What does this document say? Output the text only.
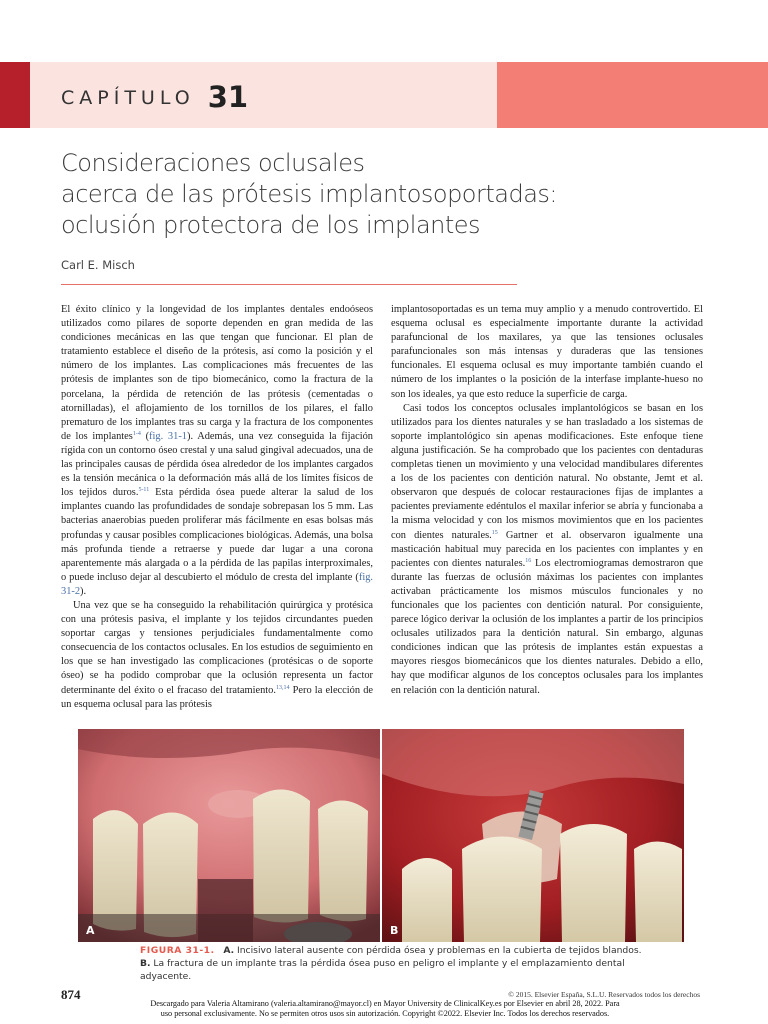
CAPÍTULO 31
Consideraciones oclusales
acerca de las prótesis implantosoportadas:
oclusión protectora de los implantes
Carl E. Misch

El éxito clínico y la longevidad de los implantes dentales endoóseos utilizados como pilares de soporte dependen en gran medida de las condiciones mecánicas en las que tengan que funcionar. El plan de tratamiento establece el diseño de la prótesis, así como la posición y el número de los implantes. Las complicaciones más frecuentes de las prótesis de implantes son de tipo biomecánico, como la fractura de la porcelana, la pérdida de retención de las prótesis (cementadas o atornilladas), el aflojamiento de los tornillos de los pilares, el fallo prematuro de los implantes tras su carga y la fractura de los componentes de los implantes$^{1-4}$ (fig. 31-1). Además, una vez conseguida la fijación rígida con un contorno óseo crestal y una salud gingival adecuados, una de las principales causas de pérdida ósea alrededor de los implantes cargados es la tensión mecánica o la deformación más allá de los límites físicos de los tejidos duros.$^{5-11}$ Esta pérdida ósea puede alterar la salud de los implantes cuando las profundidades de sondaje sobrepasan los 5 mm. Las bacterias anaerobias pueden proliferar más fácilmente en esas bolsas más profundas y causar posibles complicaciones biológicas. Además, una bolsa más profunda tiende a retraerse y puede dar lugar a una corona aparentemente más alargada o a la pérdida de las papilas interproximales, o puede incluso dejar al descubierto el módulo de cresta del implante (fig. 31-2).

Una vez que se ha conseguido la rehabilitación quirúrgica y protésica con una prótesis pasiva, el implante y los tejidos circundantes pueden soportar cargas y tensiones perjudiciales fundamentalmente como consecuencia de los contactos oclusales. En los estudios de seguimiento en los que se han investigado las complicaciones (protésicas o de soporte óseo) se ha podido comprobar que la oclusión representa un factor determinante del éxito o el fracaso del tratamiento.$^{13,14}$ Pero la elección de un esquema oclusal para las prótesis

implantosoportadas es un tema muy amplio y a menudo controvertido. El esquema oclusal es especialmente importante durante la actividad parafuncional de los maxilares, ya que las tensiones oclusales parafuncionales son más intensas y duraderas que las tensiones funcionales. El esquema oclusal es muy importante también cuando el número de los implantes o la posición de la interfase implante-hueso no son los ideales, ya que esto reduce la superficie de carga.

Casi todos los conceptos oclusales implantológicos se basan en los utilizados para los dientes naturales y se han trasladado a los sistemas de soporte implantológico sin apenas modificaciones. Este enfoque tiene alguna justificación. Se ha comprobado que los pacientes con dentaduras completas tienen un movimiento y una velocidad mandibulares diferentes a los de los pacientes con dentición natural. No obstante, Jemt et al. observaron que después de colocar restauraciones fijas de implantes a pacientes previamente edéntulos el maxilar inferior se abría y funcionaba a la misma velocidad y con los mismos movimientos que en los pacientes con dientes naturales.$^{15}$ Gartner et al. observaron igualmente una masticación habitual muy parecida en los pacientes con implantes y en pacientes con dientes naturales.$^{16}$ Los electromiogramas demostraron que durante las fuerzas de oclusión máximas los pacientes con implantes activaban prácticamente los mismos músculos funcionales y no funcionales que los pacientes con dentición natural. Por consiguiente, parece lógico derivar la oclusión de los implantes a partir de los principios oclusales utilizados para la dentición natural. Sin embargo, algunas condiciones indican que las prótesis de implantes están expuestas a mayores riesgos biomecánicos que los dientes naturales. Debido a ello, hay que modificar algunos de los conceptos oclusales para los implantes en relación con la dentición natural.

A	B
FIGURA 31-1. A. Incisivo lateral ausente con pérdida ósea y problemas en la cubierta de tejidos blandos.
B. La fractura de un implante tras la pérdida ósea puso en peligro el implante y el emplazamiento dental adyacente.
874	© 2015. Elsevier España, S.L.U. Reservados todos los derechos
Descargado para Valeria Altamirano (valeria.altamirano@mayor.cl) en Mayor University de ClinicalKey.es por Elsevier en abril 28, 2022. Para
uso personal exclusivamente. No se permiten otros usos sin autorización. Copyright ©2022. Elsevier Inc. Todos los derechos reservados.
